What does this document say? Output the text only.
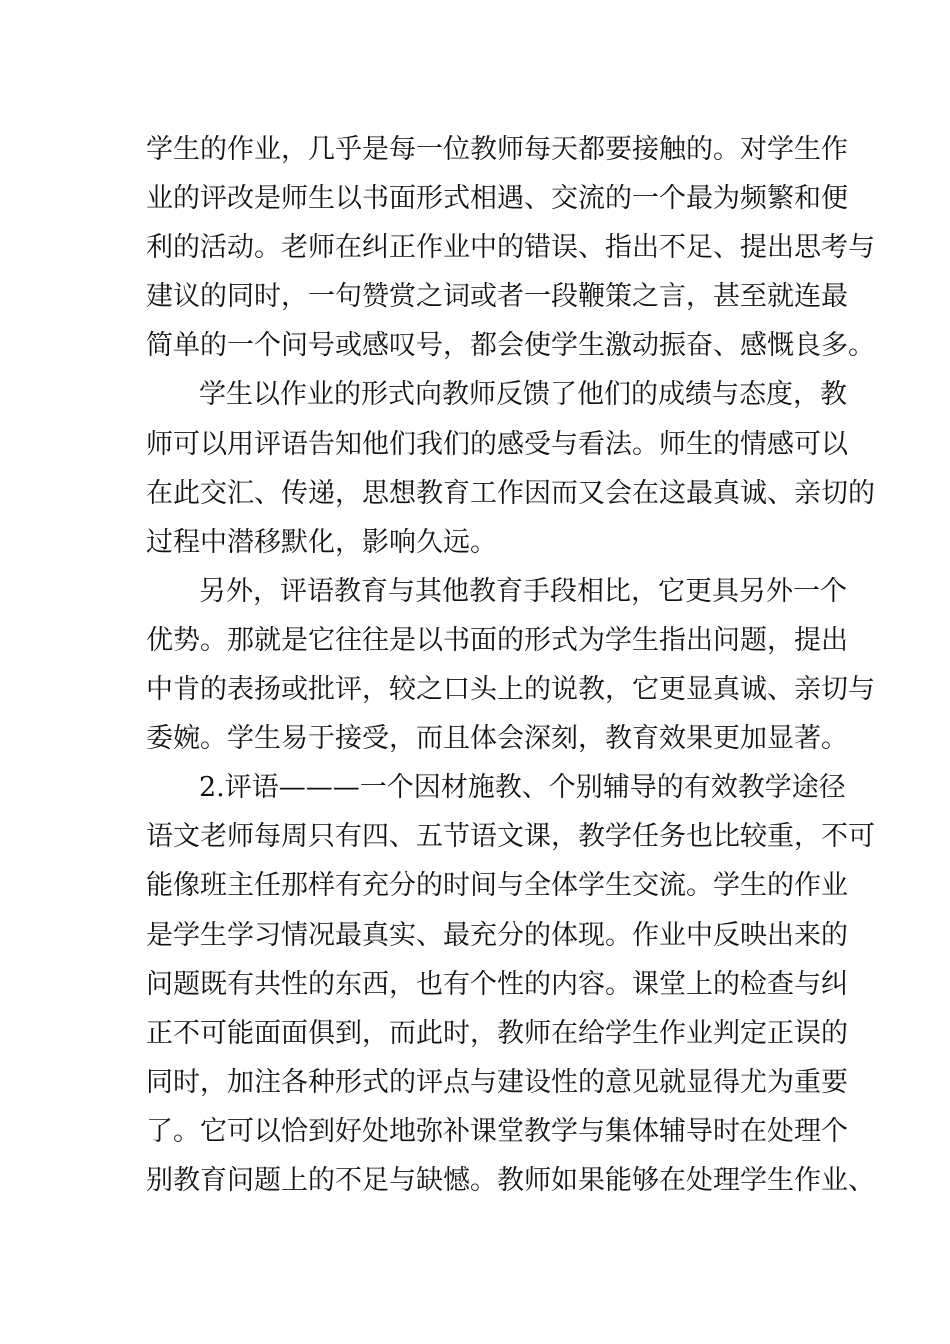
学生的作业，几乎是每一位教师每天都要接触的。对学生作
业的评改是师生以书面形式相遇、交流的一个最为频繁和便
利的活动。老师在纠正作业中的错误、指出不足、提出思考与
建议的同时，一句赞赏之词或者一段鞭策之言，甚至就连最
简单的一个问号或感叹号，都会使学生激动振奋、感慨良多。
学生以作业的形式向教师反馈了他们的成绩与态度，教
师可以用评语告知他们我们的感受与看法。师生的情感可以
在此交汇、传递，思想教育工作因而又会在这最真诚、亲切的
过程中潜移默化，影响久远。
另外，评语教育与其他教育手段相比，它更具另外一个
优势。那就是它往往是以书面的形式为学生指出问题，提出
中肯的表扬或批评，较之口头上的说教，它更显真诚、亲切与
委婉。学生易于接受，而且体会深刻，教育效果更加显著。
2.评语———一个因材施教、个别辅导的有效教学途径
语文老师每周只有四、五节语文课，教学任务也比较重，不可
能像班主任那样有充分的时间与全体学生交流。学生的作业
是学生学习情况最真实、最充分的体现。作业中反映出来的
问题既有共性的东西，也有个性的内容。课堂上的检查与纠
正不可能面面俱到，而此时，教师在给学生作业判定正误的
同时，加注各种形式的评点与建设性的意见就显得尤为重要
了。它可以恰到好处地弥补课堂教学与集体辅导时在处理个
别教育问题上的不足与缺憾。教师如果能够在处理学生作业、
